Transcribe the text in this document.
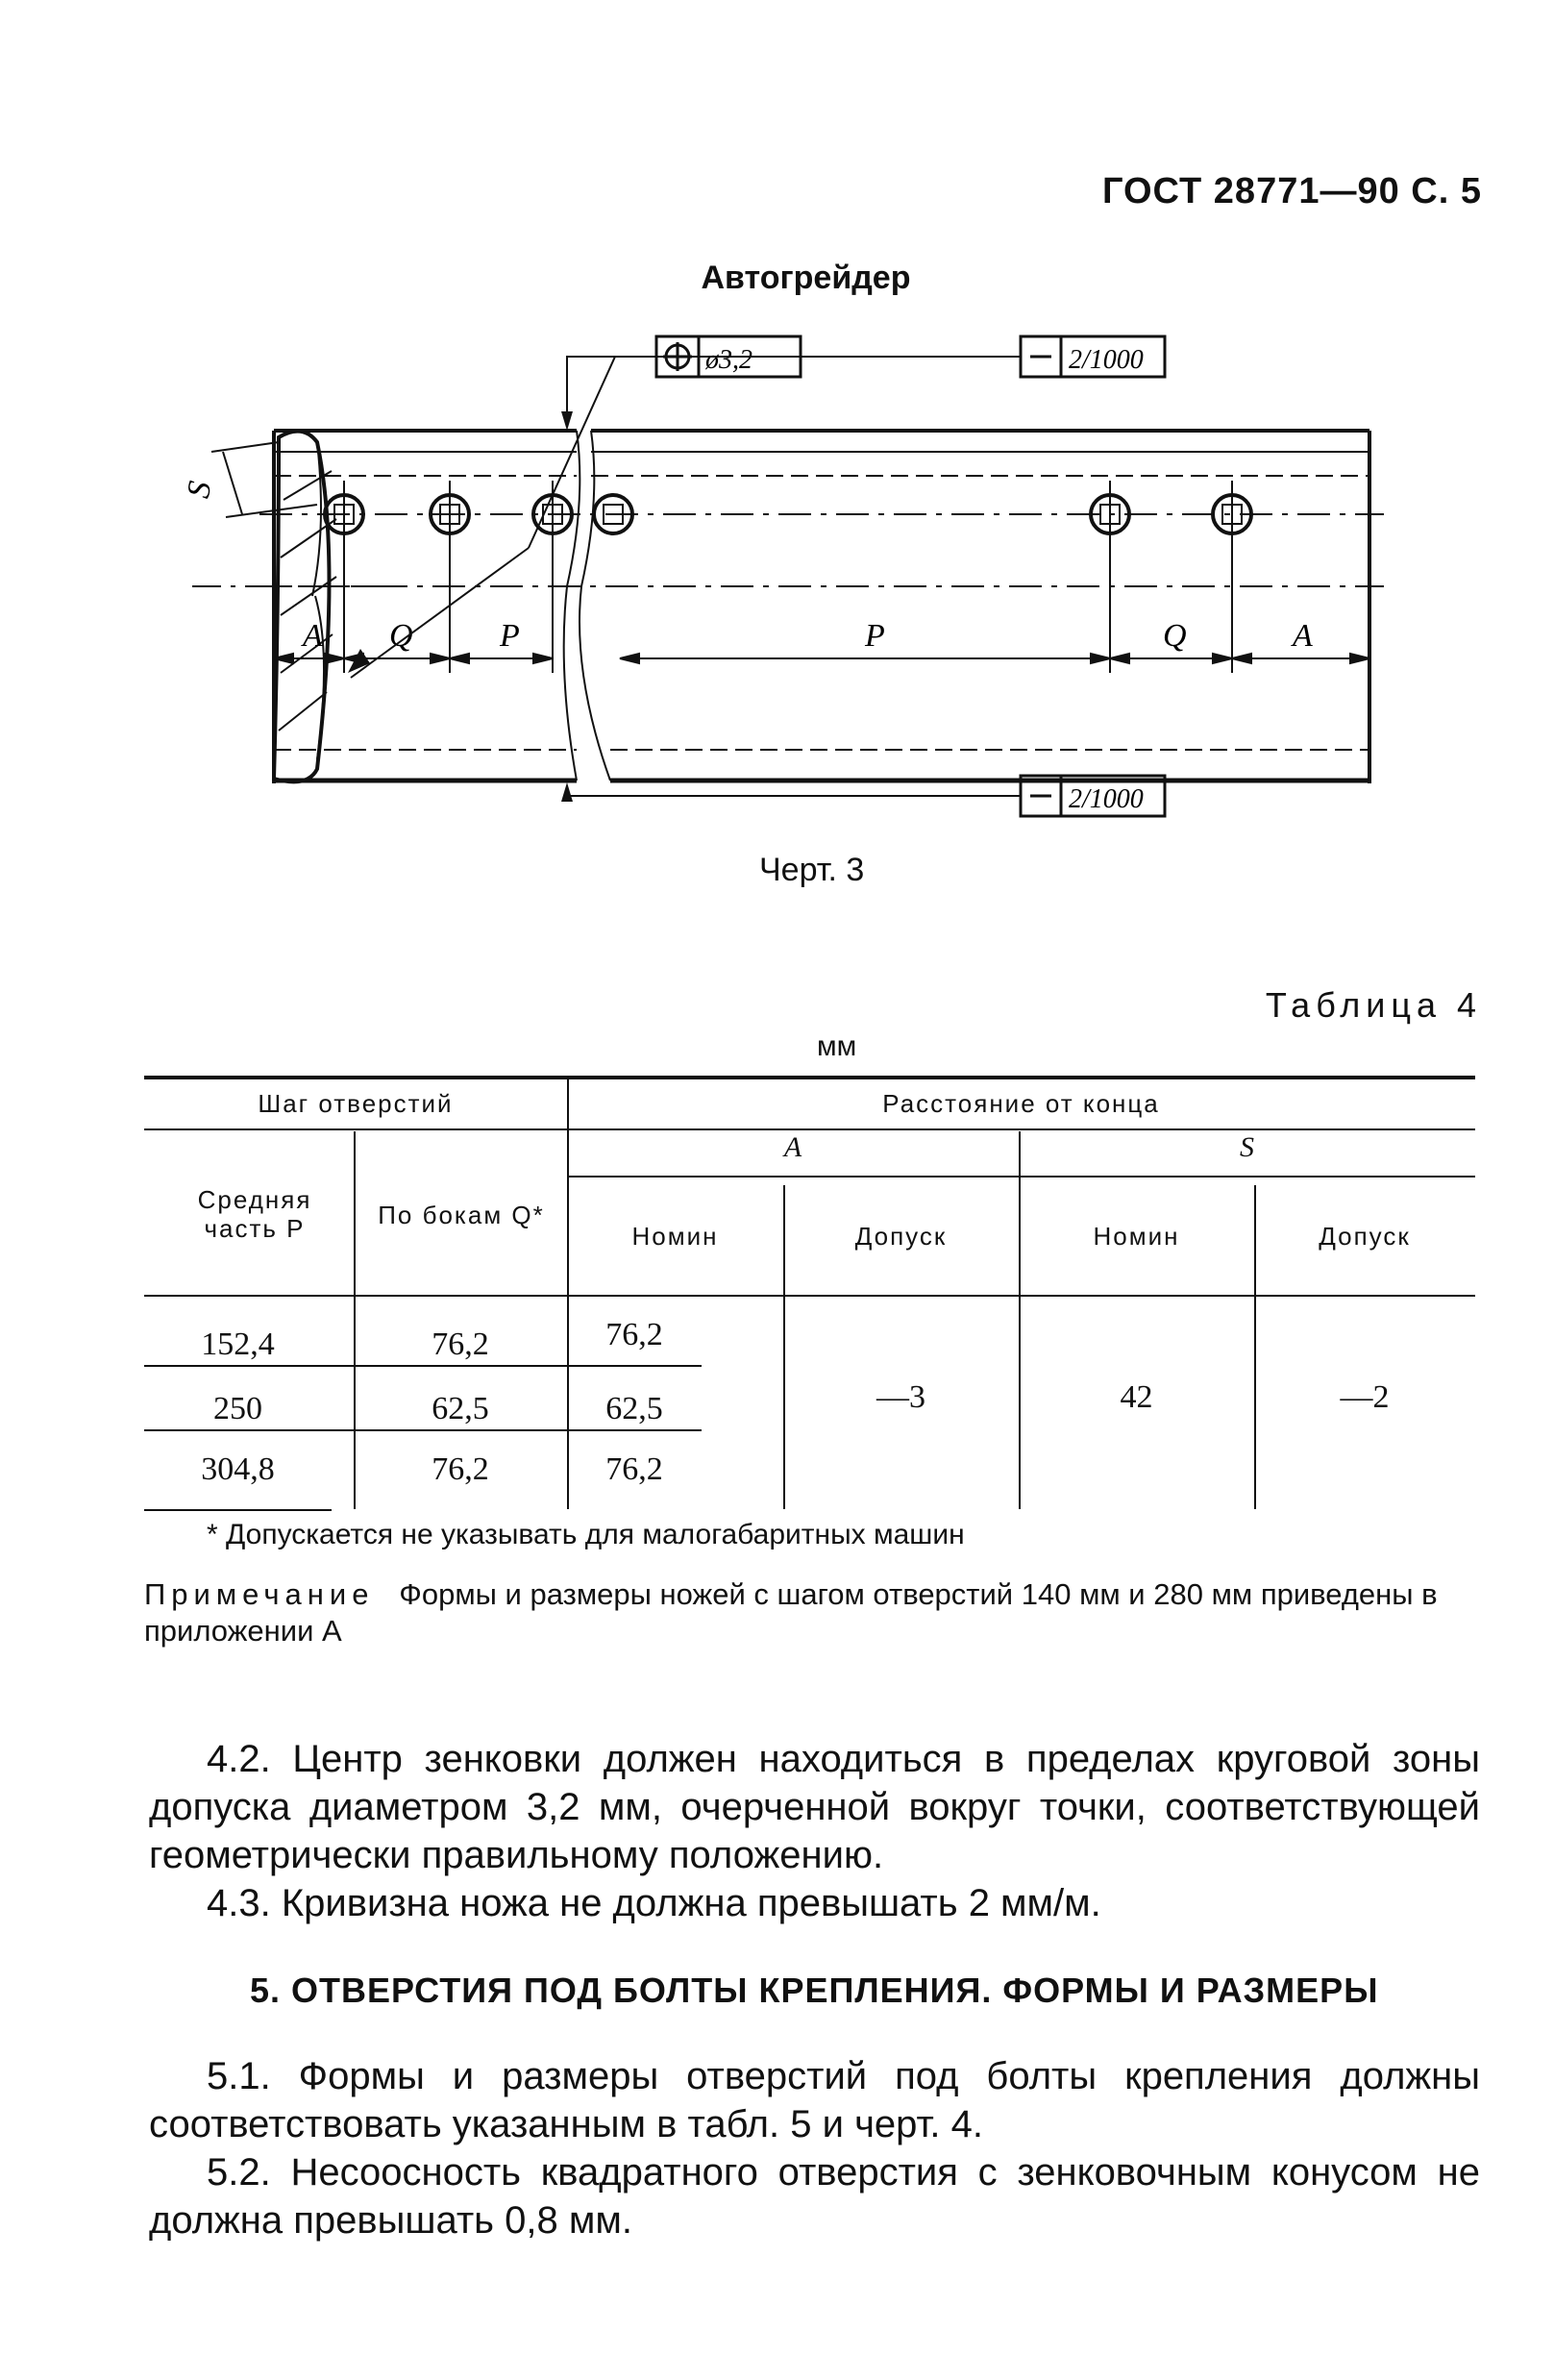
ГОСТ 28771—90 С. 5
Автогрейдер
S
A Q	P	P	Q	A
ø3,2	2/1000
2/1000
Черт. 3
Таблица 4
мм
Шаг отверстий	Расстояние от конца
Средняя часть P	По бокам Q*
A	S
Номин	Допуск	Номин	Допуск
152,4	76,2	76,2
250	62,5	62,5
304,8	76,2	76,2
—3	42	—2
* Допускается не указывать для малогабаритных машин
Примечание Формы и размеры ножей с шагом отверстий 140 мм и 280 мм приведены в приложении А
4.2. Центр зенковки должен находиться в пределах круговой зоны допуска диаметром 3,2 мм, очерченной вокруг точки, соответствующей геометрически правильному положению.
4.3. Кривизна ножа не должна превышать 2 мм/м.
5. ОТВЕРСТИЯ ПОД БОЛТЫ КРЕПЛЕНИЯ. ФОРМЫ И РАЗМЕРЫ
5.1. Формы и размеры отверстий под болты крепления должны соответствовать указанным в табл. 5 и черт. 4.
5.2. Несоосность квадратного отверстия с зенковочным конусом не должна превышать 0,8 мм.
